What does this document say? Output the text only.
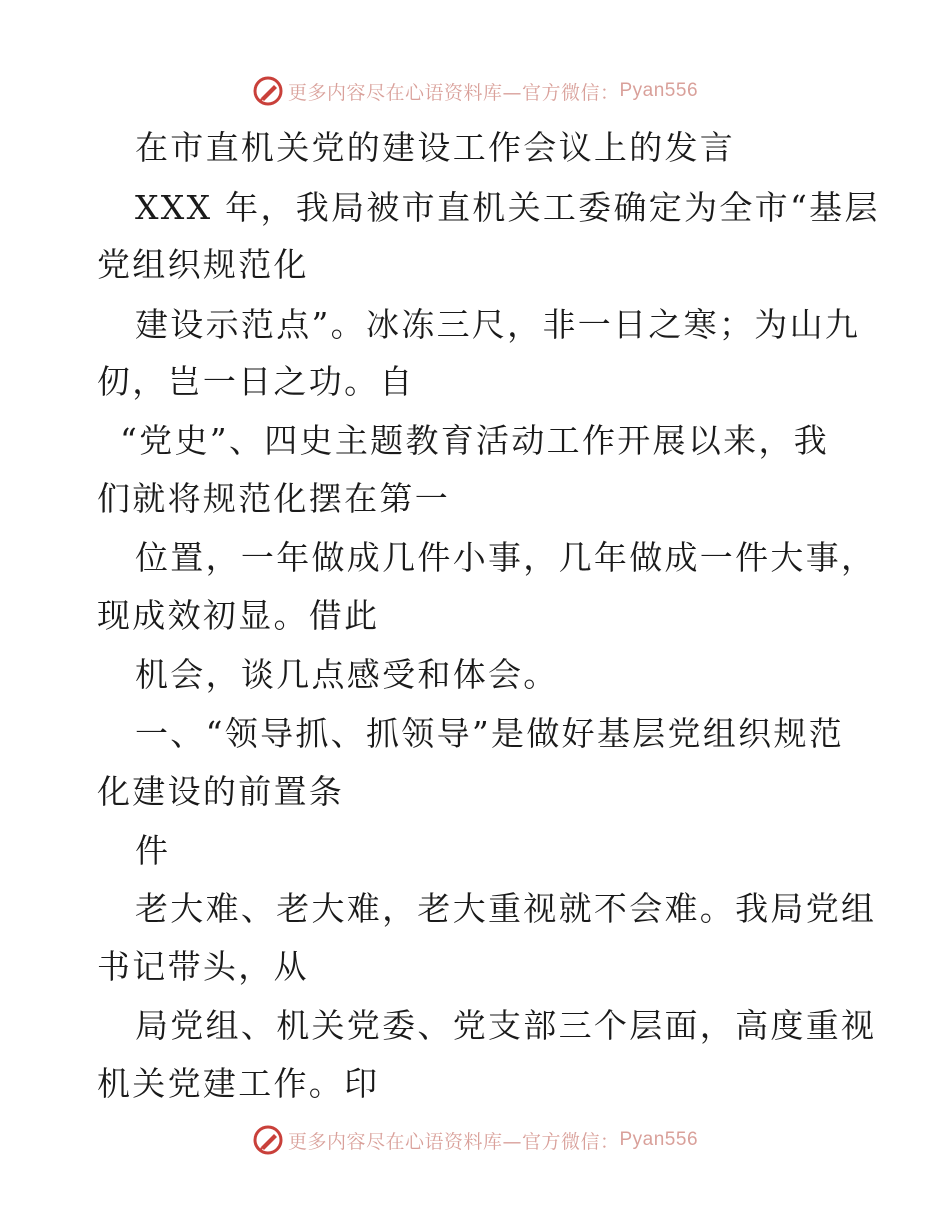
更多内容尽在心语资料库—官方微信： Pyan556
在市直机关党的建设工作会议上的发言
XXX 年，我局被市直机关工委确定为全市“基层
党组织规范化
建设示范点”。冰冻三尺，非一日之寒；为山九
仞，岂一日之功。自
“党史”、四史主题教育活动工作开展以来，我
们就将规范化摆在第一
位置，一年做成几件小事，几年做成一件大事，
现成效初显。借此
机会，谈几点感受和体会。
一、“领导抓、抓领导”是做好基层党组织规范
化建设的前置条
件
老大难、老大难，老大重视就不会难。我局党组
书记带头，从
局党组、机关党委、党支部三个层面，高度重视
机关党建工作。印
更多内容尽在心语资料库—官方微信： Pyan556
